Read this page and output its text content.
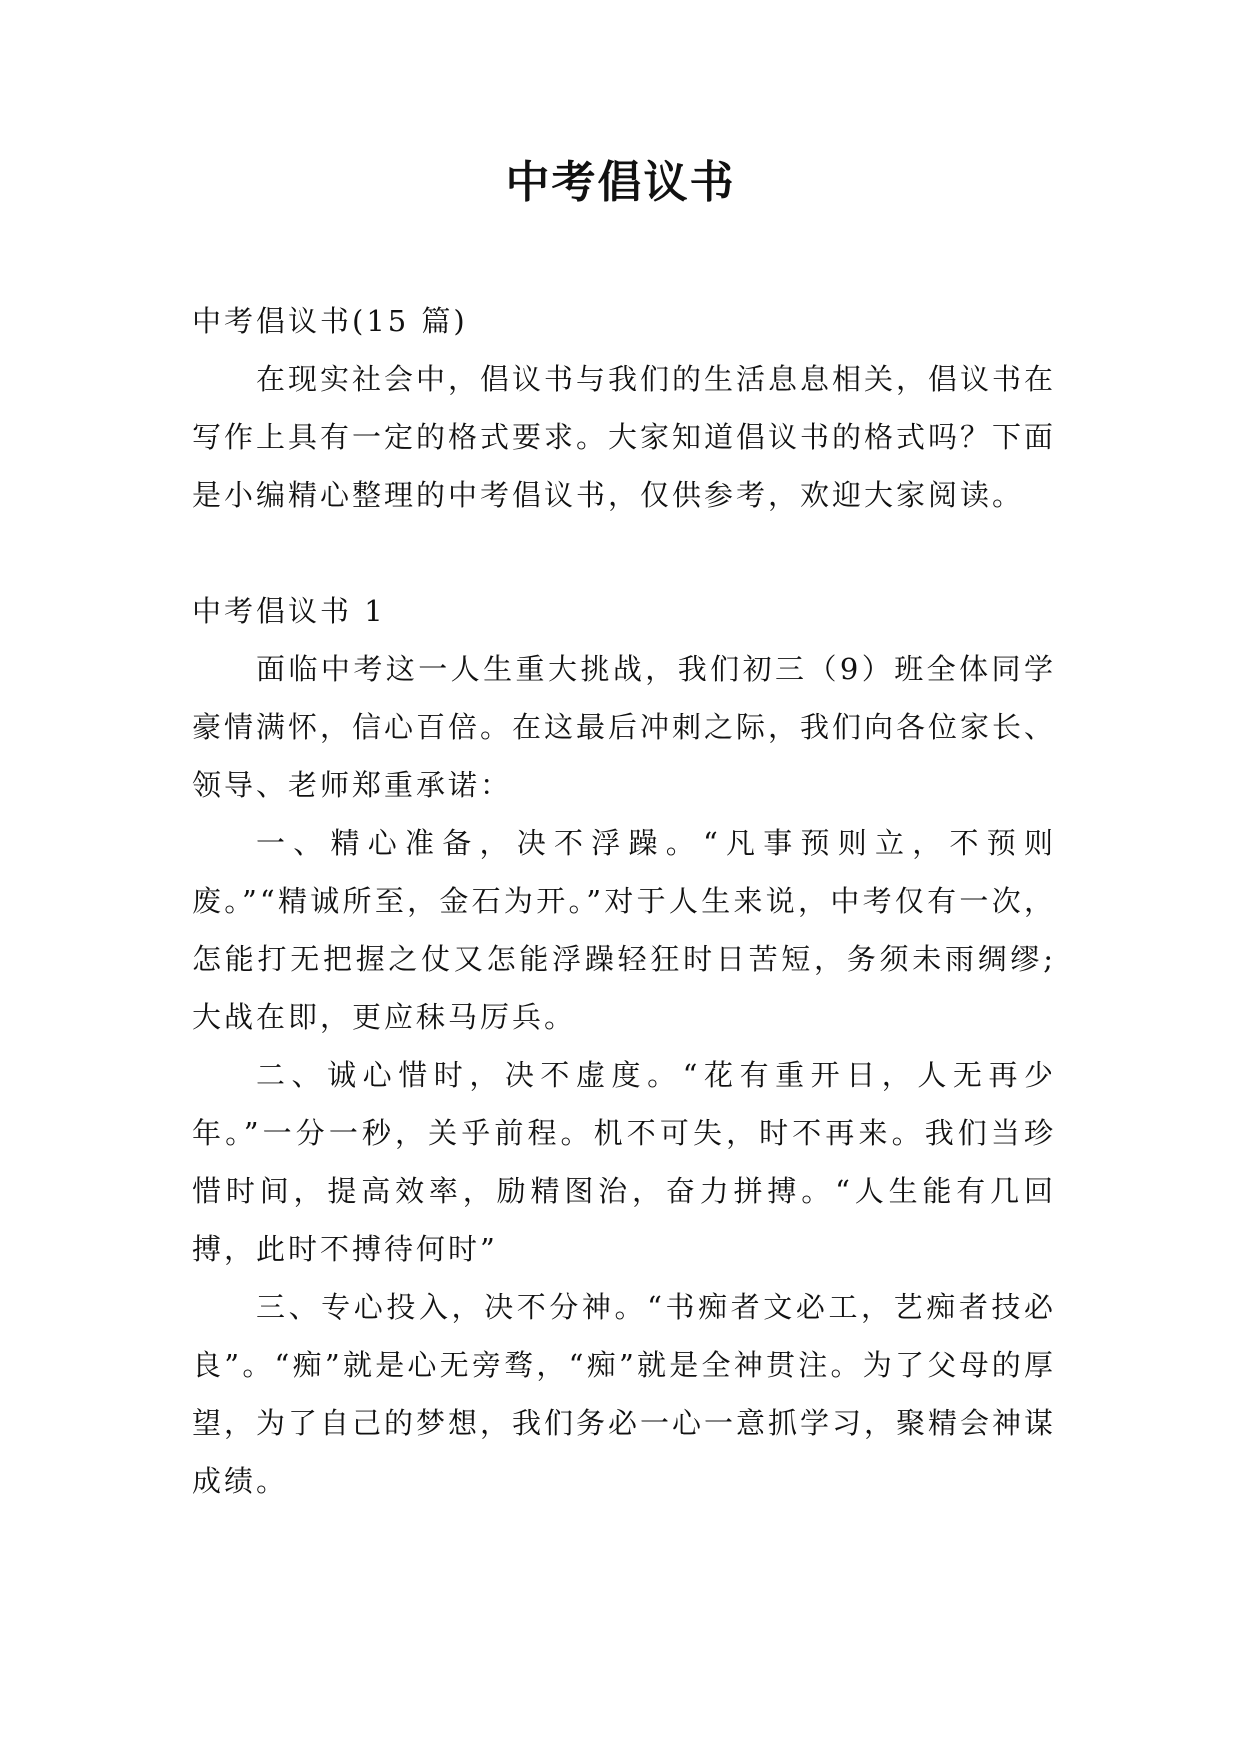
中考倡议书

中考倡议书(15 篇)

在现实社会中，倡议书与我们的生活息息相关，倡议书在写作上具有一定的格式要求。大家知道倡议书的格式吗？下面是小编精心整理的中考倡议书，仅供参考，欢迎大家阅读。

中考倡议书 1

面临中考这一人生重大挑战，我们初三（9）班全体同学豪情满怀，信心百倍。在这最后冲刺之际，我们向各位家长、领导、老师郑重承诺：

一、精心准备，决不浮躁。“凡事预则立，不预则废。”“精诚所至，金石为开。”对于人生来说，中考仅有一次，怎能打无把握之仗又怎能浮躁轻狂时日苦短，务须未雨绸缪;大战在即，更应秣马厉兵。

二、诚心惜时，决不虚度。“花有重开日，人无再少年。”一分一秒，关乎前程。机不可失，时不再来。我们当珍惜时间，提高效率，励精图治，奋力拼搏。“人生能有几回搏，此时不搏待何时”

三、专心投入，决不分神。“书痴者文必工，艺痴者技必良”。“痴”就是心无旁骛，“痴”就是全神贯注。为了父母的厚望，为了自己的梦想，我们务必一心一意抓学习，聚精会神谋成绩。
